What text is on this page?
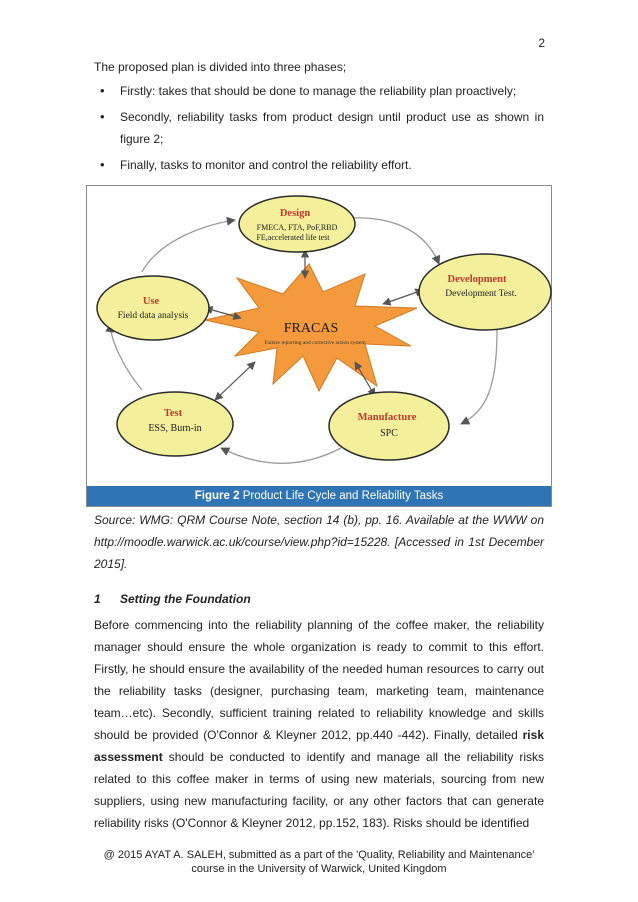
2
The proposed plan is divided into three phases;
• Firstly: takes that should be done to manage the reliability plan proactively;
• Secondly, reliability tasks from product design until product use as shown in figure 2;
• Finally, tasks to monitor and control the reliability effort.
Design
FMECA, FTA, PoF,RBD
FE,accelerated life test
Development
Development Test.
Use
Field data analysis
Test
ESS, Burn-in
Manufacture
SPC
FRACAS
Failure reporting and corrective action system
Figure 2 Product Life Cycle and Reliability Tasks
Source: WMG: QRM Course Note, section 14 (b), pp. 16. Available at the WWW on http://moodle.warwick.ac.uk/course/view.php?id=15228. [Accessed in 1st December 2015].
1 Setting the Foundation
Before commencing into the reliability planning of the coffee maker, the reliability manager should ensure the whole organization is ready to commit to this effort. Firstly, he should ensure the availability of the needed human resources to carry out the reliability tasks (designer, purchasing team, marketing team, maintenance team…etc). Secondly, sufficient training related to reliability knowledge and skills should be provided (O'Connor & Kleyner 2012, pp.440 -442). Finally, detailed risk assessment should be conducted to identify and manage all the reliability risks related to this coffee maker in terms of using new materials, sourcing from new suppliers, using new manufacturing facility, or any other factors that can generate reliability risks (O'Connor & Kleyner 2012, pp.152, 183). Risks should be identified
@ 2015 AYAT A. SALEH, submitted as a part of the 'Quality, Reliability and Maintenance'
course in the University of Warwick, United Kingdom
